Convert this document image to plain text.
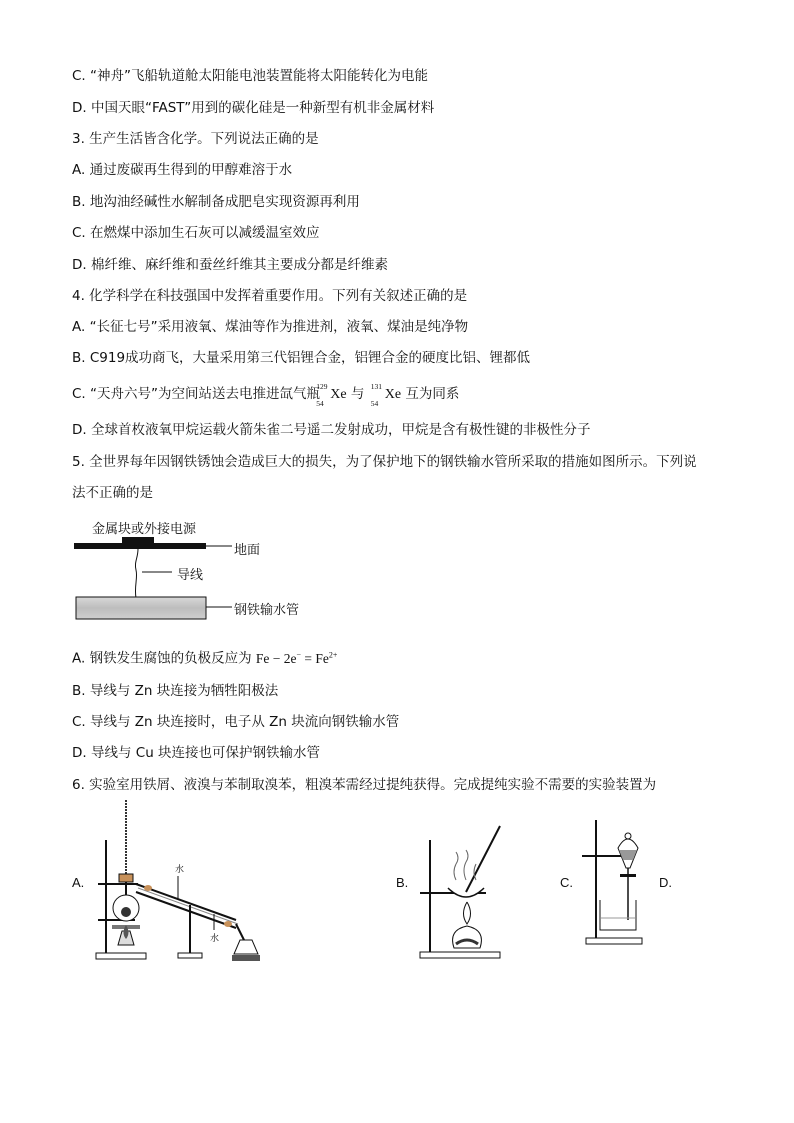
C. “神舟”飞船轨道舱太阳能电池装置能将太阳能转化为电能
D. 中国天眼“FAST”用到的碳化硅是一种新型有机非金属材料
3. 生产生活皆含化学。下列说法正确的是
A. 通过废碳再生得到的甲醇难溶于水
B. 地沟油经碱性水解制备成肥皂实现资源再利用
C. 在燃煤中添加生石灰可以减缓温室效应
D. 棉纤维、麻纤维和蚕丝纤维其主要成分都是纤维素
4. 化学科学在科技强国中发挥着重要作用。下列有关叙述正确的是
A. “长征七号”采用液氧、煤油等作为推进剂，液氧、煤油是纯净物
B. C919成功商飞，大量采用第三代铝锂合金，铝锂合金的硬度比铝、锂都低
C. “天舟六号”为空间站送去电推进氙气瓶
129
54
Xe 与 131
54
Xe 互为同系
D. 全球首枚液氧甲烷运载火箭朱雀二号遥二发射成功，甲烷是含有极性键的非极性分子
5. 全世界每年因钢铁锈蚀会造成巨大的损失，为了保护地下的钢铁输水管所采取的措施如图所示。下列说
法不正确的是
金属块或外接电源
地面
导线
钢铁输水管
A. 钢铁发生腐蚀的负极反应为 $Fe - 2e^- = Fe^{2+}$
B. 导线与 Zn 块连接为牺牲阳极法
C. 导线与 Zn 块连接时，电子从 Zn 块流向钢铁输水管
D. 导线与 Cu 块连接也可保护钢铁输水管
6. 实验室用铁屑、液溴与苯制取溴苯，粗溴苯需经过提纯获得。完成提纯实验不需要的实验装置为
A.	B.	C.	D.
水
水
